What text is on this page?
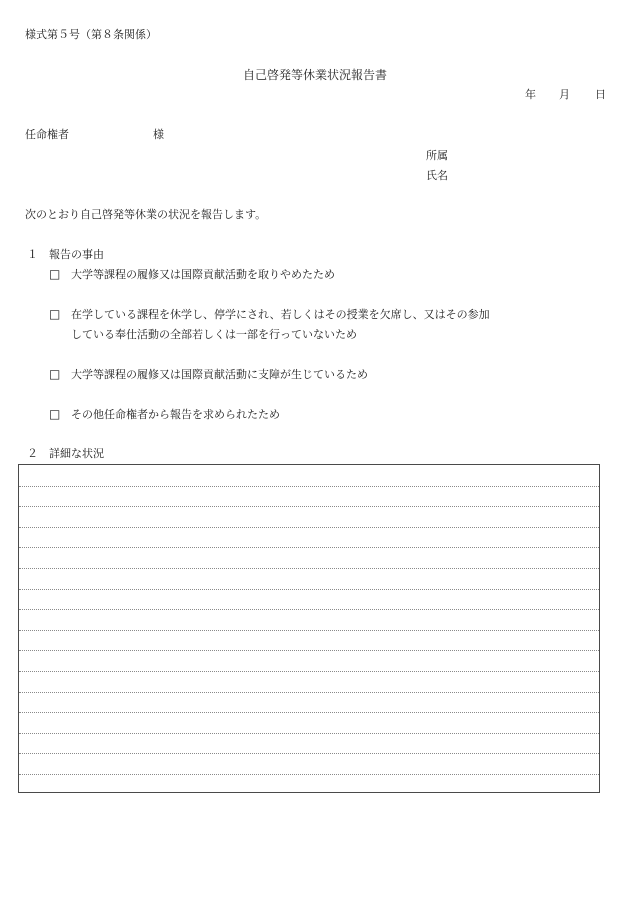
様式第５号（第８条関係）
自己啓発等休業状況報告書
年 月 日
任命権者	様
所属
氏名
次のとおり自己啓発等休業の状況を報告します。
１ 報告の事由
□ 大学等課程の履修又は国際貢献活動を取りやめたため
□ 在学している課程を休学し、停学にされ、若しくはその授業を欠席し、又はその参加
している奉仕活動の全部若しくは一部を行っていないため
□ 大学等課程の履修又は国際貢献活動に支障が生じているため
□ その他任命権者から報告を求められたため
２ 詳細な状況
